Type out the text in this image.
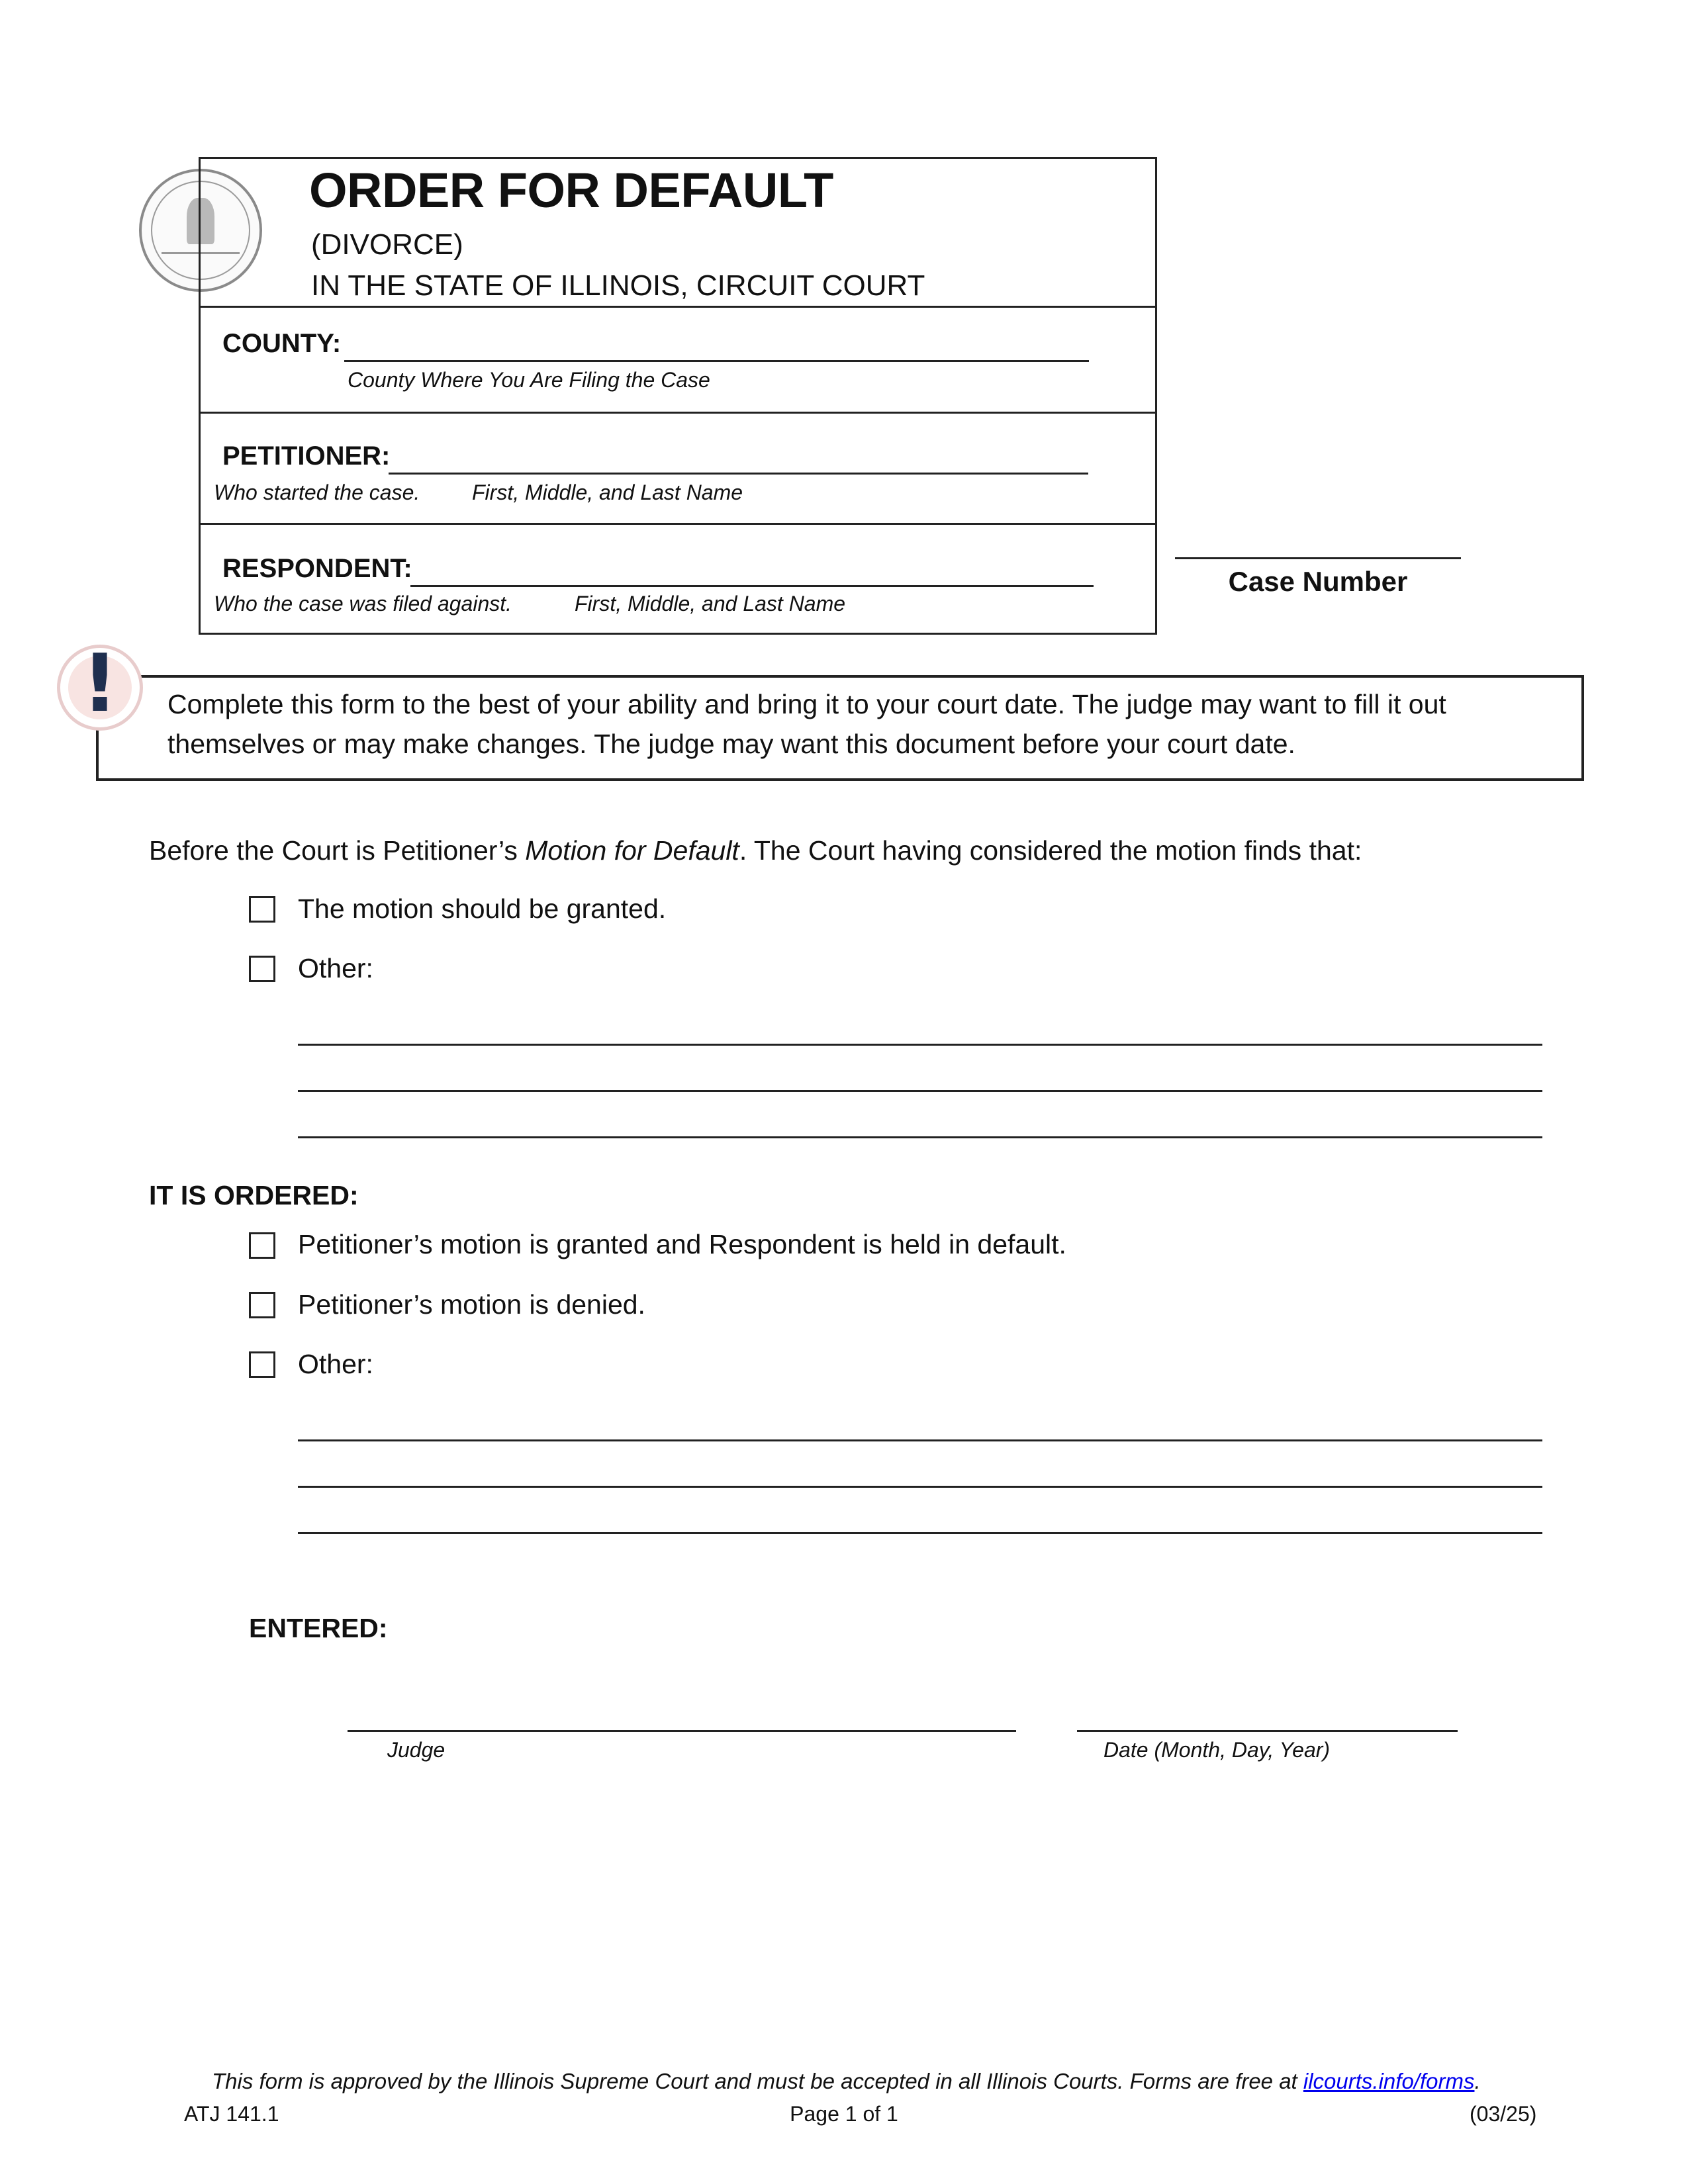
ORDER FOR DEFAULT
(DIVORCE)
IN THE STATE OF ILLINOIS, CIRCUIT COURT
COUNTY:
County Where You Are Filing the Case
PETITIONER:
Who started the case. First, Middle, and Last Name
RESPONDENT:
Who the case was filed against.	First, Middle, and Last Name
Case Number
!	Complete this form to the best of your ability and bring it to your court date. The judge may want to fill it out
themselves or may make changes. The judge may want this document before your court date.
Before the Court is Petitioner’s Motion for Default. The Court having considered the motion finds that:
The motion should be granted.
Other:
IT IS ORDERED:
Petitioner’s motion is granted and Respondent is held in default.
Petitioner’s motion is denied.
Other:
ENTERED:
Judge	Date (Month, Day, Year)
This form is approved by the Illinois Supreme Court and must be accepted in all Illinois Courts. Forms are free at ilcourts.info/forms.
ATJ 141.1	Page 1 of 1	(03/25)
